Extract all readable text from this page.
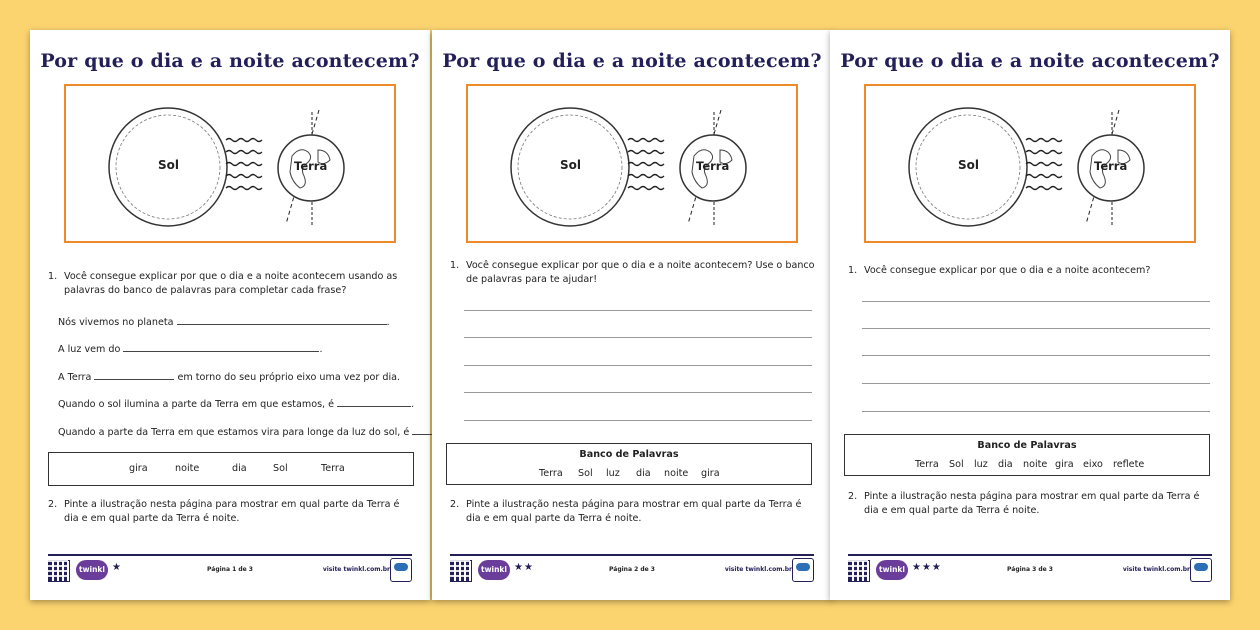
Por que o dia e a noite acontecem?
Sol	Terra
1. Você consegue explicar por que o dia e a noite acontecem usando as
palavras do banco de palavras para completar cada frase?
Nós vivemos no planeta	.
A luz vem do	.
A Terra	em torno do seu próprio eixo uma vez por dia.
Quando o sol ilumina a parte da Terra em que estamos, é	.
Quando a parte da Terra em que estamos vira para longe da luz do sol, é
gira	noite	dia	Sol	Terra
2. Pinte a ilustração nesta página para mostrar em qual parte da Terra é
dia e em qual parte da Terra é noite.
twinkl ★	Página 1 de 3	visite twinkl.com.br
Por que o dia e a noite acontecem?
Sol	Terra
1. Você consegue explicar por que o dia e a noite acontecem? Use o banco
de palavras para te ajudar!
Banco de Palavras
Terra Sol luz dia noite gira
2. Pinte a ilustração nesta página para mostrar em qual parte da Terra é
dia e em qual parte da Terra é noite.
twinkl ★★	Página 2 de 3	visite twinkl.com.br
Por que o dia e a noite acontecem?
Sol	Terra
1. Você consegue explicar por que o dia e a noite acontecem?
Banco de Palavras
Terra Sol luz dia noite gira eixo reflete
2. Pinte a ilustração nesta página para mostrar em qual parte da Terra é
dia e em qual parte da Terra é noite.
twinkl ★★★	Página 3 de 3	visite twinkl.com.br
